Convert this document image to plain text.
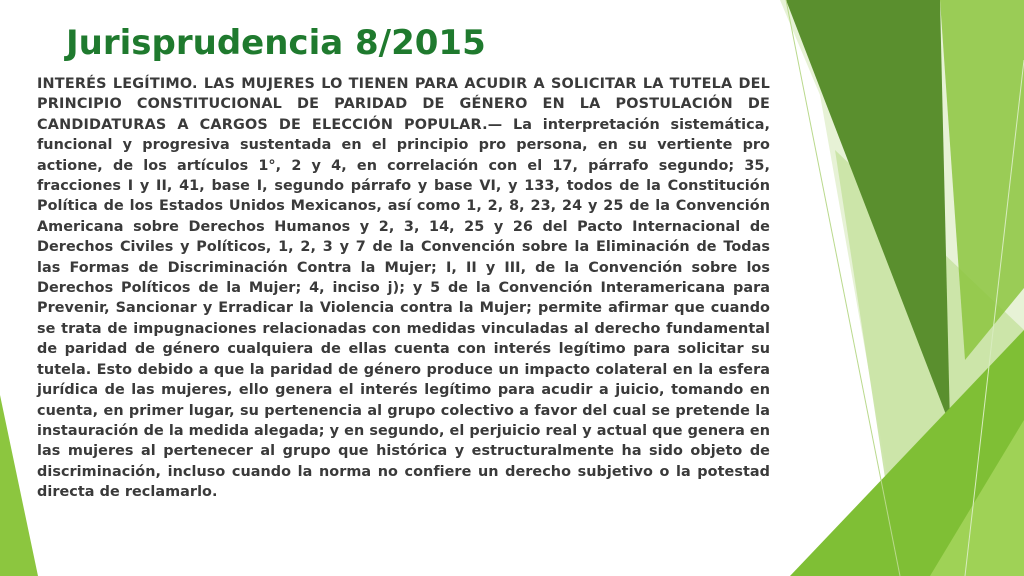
Jurisprudencia 8/2015

INTERÉS LEGÍTIMO. LAS MUJERES LO TIENEN PARA ACUDIR A SOLICITAR LA TUTELA DEL PRINCIPIO CONSTITUCIONAL DE PARIDAD DE GÉNERO EN LA POSTULACIÓN DE CANDIDATURAS A CARGOS DE ELECCIÓN POPULAR.— La interpretación sistemática, funcional y progresiva sustentada en el principio pro persona, en su vertiente pro actione, de los artículos 1°, 2 y 4, en correlación con el 17, párrafo segundo; 35, fracciones I y II, 41, base I, segundo párrafo y base VI, y 133, todos de la Constitución Política de los Estados Unidos Mexicanos, así como 1, 2, 8, 23, 24 y 25 de la Convención Americana sobre Derechos Humanos y 2, 3, 14, 25 y 26 del Pacto Internacional de Derechos Civiles y Políticos, 1, 2, 3 y 7 de la Convención sobre la Eliminación de Todas las Formas de Discriminación Contra la Mujer; I, II y III, de la Convención sobre los Derechos Políticos de la Mujer; 4, inciso j); y 5 de la Convención Interamericana para Prevenir, Sancionar y Erradicar la Violencia contra la Mujer; permite afirmar que cuando se trata de impugnaciones relacionadas con medidas vinculadas al derecho fundamental de paridad de género cualquiera de ellas cuenta con interés legítimo para solicitar su tutela. Esto debido a que la paridad de género produce un impacto colateral en la esfera jurídica de las mujeres, ello genera el interés legítimo para acudir a juicio, tomando en cuenta, en primer lugar, su pertenencia al grupo colectivo a favor del cual se pretende la instauración de la medida alegada; y en segundo, el perjuicio real y actual que genera en las mujeres al pertenecer al grupo que histórica y estructuralmente ha sido objeto de discriminación, incluso cuando la norma no confiere un derecho subjetivo o la potestad directa de reclamarlo.
